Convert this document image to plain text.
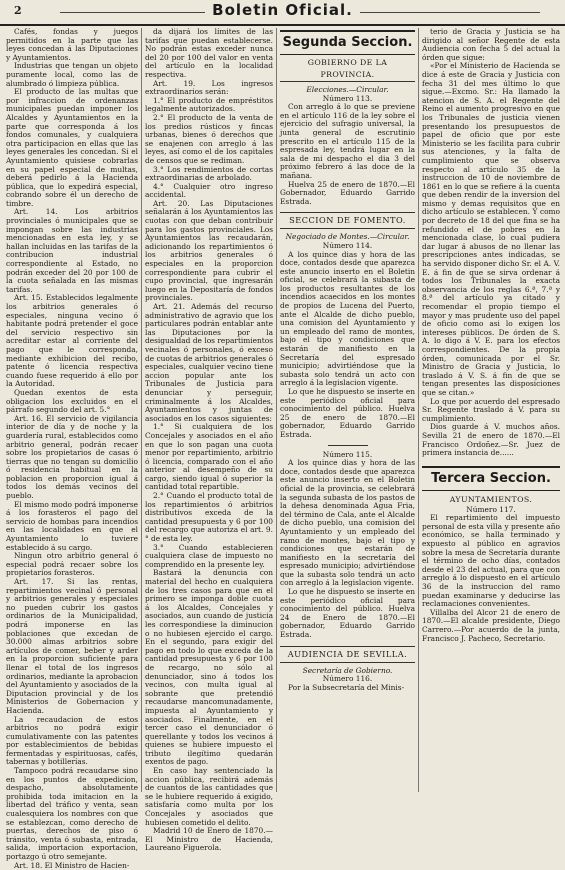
2	Boletin Oficial.

Cafés, fondas y juegos permitidos en la parte que las leyes concedan á las Diputaciones y Ayuntamientos.

Industrias que tengan un objeto puramente local, como las de alumbrado ó limpieza pública.

El producto de las multas que por infraccion de ordenanzas municipales puedan imponer los Alcaldes y Ayuntamientos en la parte que corresponda á los fondos comunales, y cualquiera otra participacion en ellas que las leyes generales les concedan. Si el Ayuntamiento quisiese cobrarlas en su papel especial de multas, deberá pedirlo á la Hacienda pública, que lo expedirá especial, cobrando sobre él un derecho de timbre.

Art. 14. Los arbitrios provinciales ó municipales que se impongan sobre las industrias mencionadas en esta ley, y se hallan incluidas en las tarifas de la contribucion industrial correspondiente al Estado, no podrán exceder del 20 por 100 de la cuota señalada en las mismas tarifas.

Art. 15. Establecidos legalmente los arbitrios generales ó especiales, ninguna vecino ó habitante podrá pretender el goce del servicio respectivo sin acreditar estar al corriente del pago que le corresponda, mediante exhibicion del recibo, patente ó licencia respectiva cuando fuese requerido á ello por la Autoridad.

Quedan exentos de esta obligacion los excluidos en el párrafo segundo del art. 5.°

Art. 16. El servicio de vigilancia interior de día y de noche y la guardería rural, establecidos como arbitrio general, podrán recaer sobre los propietarios de casas ó tierras que no tengan su domicilio ó residencia habitual en la poblacion en proporcion igual á todos los demás vecinos del pueblo.

El mismo modo podrá imponerse á los forasteros el pago del servicio de hombas para incendios en las localidades en que el Ayuntamiento lo tuviere establecido á su cargo.

Ningun otro arbitrio general ó especial podrá recaer sobre los propietarios forasteros.

Art. 17. Si las rentas, repartimientos vecinal ó personal y arbitrios generales y especiales no pueden cubrir los gastos ordinarios de la Municipalidad, podrá imponerse en las poblaciones que excedan de 30.000 almas arbitrios sobre artículos de comer, beber y arder en la proporcion suficiente para llenar el total de los ingresos ordinarios, mediante la aprobacion del Ayuntamiento y asociados de la Diputacion provincial y de los Ministerios de Gobernacion y Hacienda.

La recaudacion de estos arbitrios no podrá exigir cumulativamente con las patentes por establecimientos de bebidas fermentadas y espirituosas, cafés, tabernas y botillerías.

Tampoco podrá recaudarse sino en los puntos de expedicion, despacho, absolutamente prohibida toda imitacion en la libertad del tráfico y venta, sean cualesquiera los nombres con que se establezcan, como derecho de puertas, derechos de piso ó tránsito, venta ó subasta, entrada, salida, importacion exportacion, portazgo ú otro semejante.

Art. 18. El Ministro de Hacien-

da dijará los límites de las tarifas que puedan establecerse. No podrán estas exceder nunca del 20 por 100 del valor en venta del artículo en la localidad respectiva.

Art. 19. Los ingresos extraordinarios serán:

1.° El producto de empréstitos legalmente autorizados.

2.° El producto de la venta de los predios rústicos y fincas urbanas, bienes ó derechos que se enajenen con arreglo á las leyes, así como el de los capitales de censos que se rediman.

3.° Los rendimientos de cortas extraordinarias de arbolado.

4.° Cualquier otro ingreso accidental.

Art. 20. Las Diputaciones señalarán á los Ayuntamientos las cuotas con que deban contribuir para los gastos provinciales. Los Ayuntamientos las recaudarán, adicionando los repartimientos ó los arbitrios generales ó especiales en la proporcion correspondiente para cubrir el cupo provincial, que ingresarán luego en la Depositaría de fondos provinciales.

Art. 21. Además del recurso administrativo de agravio que los particulares podrán entablar ante las Diputaciones por la desigualdad de los repartimientos vecinales ó personales, ó exceso de cuotas de arbitrios generales ó especiales, cualquier vecino tiene accion popular ante los Tribunales de Justicia para denunciar y perseguir, criminalmente á los Alcaldes, Ayuntamientos y juntas de asociados en los casos siguientes:

1.° Si cualquiera de los Concejales y asociados en el año en que lo son pagan una cuota menor por repartimiento, arbitrio ó licencia, comparado con el año anterior al desempeño de su cargo, siendo igual ó superior la cantidad total repartible.

2.° Cuando el producto total de los repartimientos ó arbitrios distributivos exceda de la cantidad presupuesta y 6 por 100 del recargo que autoriza el art. 9.° de esta ley.

3.° Cuando establecieren cualquiera clase de impuesto no comprendido en la presente ley.

Bastará la denuncia con material del hecho en cualquiera de los tres casos para que en el primero se imponga doble cuota á los Alcaldes, Concejales y asociados, aun cuando de justicia les correspondiese la diminucion o no hubiesen ejercido el cargo. En el segundo, para exigir del pago en todo lo que exceda de la cantidad presupuesta y 6 por 100 de recargo, no sólo al denunciador, sino á todos los vecinos, con multa igual al sobrante que pretendió recaudarse mancomunadamente, impuesta al Ayuntamiento y asociados. Finalmente, en el tercer caso el denunciador ó querellante y todos los vecinos á quienes se hubiere impuesto el tributo ilegítimo quedarán exentos de pago.

En caso hay sentenciado la accion pública, recibirá además de cuantos de las cantidades que se le hubiere requerido á exigido, satisfaría como multa por los Concejales y asociados que hubiesen cometido el delito.

Madrid 10 de Enero de 1870.—El Ministro de Hacienda, Laureano Figuerola.

Segunda Seccion.
GOBIERNO DE LA PROVINCIA.

Elecciones.—Circular.

Número 113.

Con arreglo á lo que se previene en el artículo 116 de la ley sobre el ejercicio del sufragio universal, la junta general de escrutinio prescrito en el artículo 115 de la espresada ley, tendrá lugar en la sala de mi despacho el dia 3 del próximo febrero á las doce de la mañana.

Huelva 25 de enero de 1870.—El Gobernador, Eduardo Garrido Estrada.

SECCION DE FOMENTO.

Negociado de Montes.—Circular.

Número 114.

A los quince dias y hora de las doce, contados desde que aparezca este anuncio inserto en el Boletin oficial, se celebrará la subasta de los productos resultantes de los incendios acaecidos en los montes de propios de Lucena del Puerto, ante el Alcalde de dicho pueblo, una comision del Ayuntamiento y un empleado del ramo de montes, bajo el tipo y condiciones que estarán de manifiesto en la Secretaría del espresado municipio; advirtiéndose que la subasta solo tendrá un acto con arreglo á la legislacion vigente.

Lo que he dispuesto se inserte en este periódico oficial para conocimiento del público. Huelva 25 de enero de 1870.—El gobernador, Eduardo Garrido Estrada.

Número 115.

A los quince dias y hora de las doce, contados desde que aparezca este anuncio inserto en el Boletin oficial de la provincia, se celebrará la segunda subasta de los pastos de la dehesa denominada Agua Fria, del término de Cala, ante el Alcalde de dicho pueblo, una comision del Ayuntamiento y un empleado del ramo de montes, bajo el tipo y condiciones que estarán de manifiesto en la secretaría del espresado municipio; advirtiéndose que la subasta solo tendrá un acto con arreglo á la legislacion vigente.

Lo que he dispuesto se inserte en este periódico oficial para conocimiento del público. Huelva 24 de Enero de 1870.—El gobernador, Eduardo Garrido Estrada.

AUDIENCIA DE SEVILLA.

Secretaría de Gobierno.

Número 116.

Por la Subsecretaría del Minis-

terio de Gracia y Justicia se ha dirigido al señor Regente de esta Audiencia con fecha 5 del actual la órden que sigue:

«Por el Ministerio de Hacienda se dice á este de Gracia y Justicia con fecha 31 del mes último lo que sigue.—Excmo. Sr.: Ha llamado la atencion de S. A. el Regente del Reino el aumento progresivo en que los Tribunales de justicia vienen presentando los presupuestos de papel de oficio que por este Ministerio se les facilita para cubrir sus atenciones, y la falta de cumplimiento que se observa respecto al artículo 35 de la instruccion de 10 de noviembre de 1861 en lo que se refiere á la cuenta que deben rendir de la inversion del mismo y demas requisitos que en dicho artículo se establecen. Y como por decreto de 18 del que fina se ha refundido el de pobres en la mencionada clase, lo cual pudiera dar lugar á abusos de no llenar las prescripciones antes indicadas, se ha servido disponer dicho Sr. el A. V. E. á fin de que se sirva ordenar á todos los Tribunales la exacta observancia de los reglas 6.ª, 7.ª y 8.ª del artículo ya citado y recomendar el propio tiempo el mayor y mas prudente uso del papel de oficio como asi lo exigen los intereses públicos. De órden de S. A. lo digo á V. E. para los efectos correspondientes. De la propia órden, comunicada por el Sr. Ministro de Gracia y Justicia, lo traslado á V. S. á fin de que se tengan presentes las disposiciones que se citan.»

Lo que por acuerdo del espresado Sr. Regente traslado á V. para su cumplimiento.

Dios guarde á V. muchos años. Sevilla 21 de enero de 1870.—El Francisco Ordoñez.—Sr. Juez de primera instancia de......

Tercera Seccion.
AYUNTAMIENTOS.

Número 117.

El repartimiento del impuesto personal de esta villa y presente año económico, se halla terminado y expuesto al público en agravios sobre la mesa de Secretaría durante el término de ocho días, contados desde el 23 del actual, para que con arreglo á lo dispuesto en el artículo 36 de la instruccion del ramo puedan examinarse y deducirse las reclamaciones convenientes.

Villalba del Alcor 21 de enero de 1870.—El alcalde presidente, Diego Carrero.—Por acuerdo de la junta, Francisco J. Pacheco, Secretario.
